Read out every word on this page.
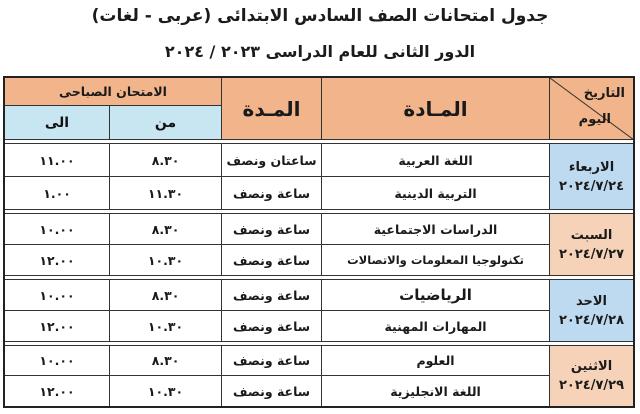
جدول امتحانات الصف السادس الابتدائى (عربى - لغات)
الدور الثانى للعام الدراسى ٢٠٢٣ / ٢٠٢٤
التاريخ
اليوم
المـادة
المـدة
الامتحان الصباحى
من
الى
الاربعاء
٢٠٢٤/٧/٢٤
اللغة العربية
ساعتان ونصف
٨.٣٠
١١.٠٠
التربية الدينية
ساعة ونصف
١١.٣٠
١.٠٠
السبت
٢٠٢٤/٧/٢٧
الدراسات الاجتماعية
ساعة ونصف
٨.٣٠
١٠.٠٠
تكنولوجيا المعلومات والاتصالات
ساعة ونصف
١٠.٣٠
١٢.٠٠
الاحد
٢٠٢٤/٧/٢٨
الرياضيات
ساعة ونصف
٨.٣٠
١٠.٠٠
المهارات المهنية
ساعة ونصف
١٠.٣٠
١٢.٠٠
الاثنين
٢٠٢٤/٧/٢٩
العلوم
ساعة ونصف
٨.٣٠
١٠.٠٠
اللغة الانجليزية
ساعة ونصف
١٠.٣٠
١٢.٠٠
